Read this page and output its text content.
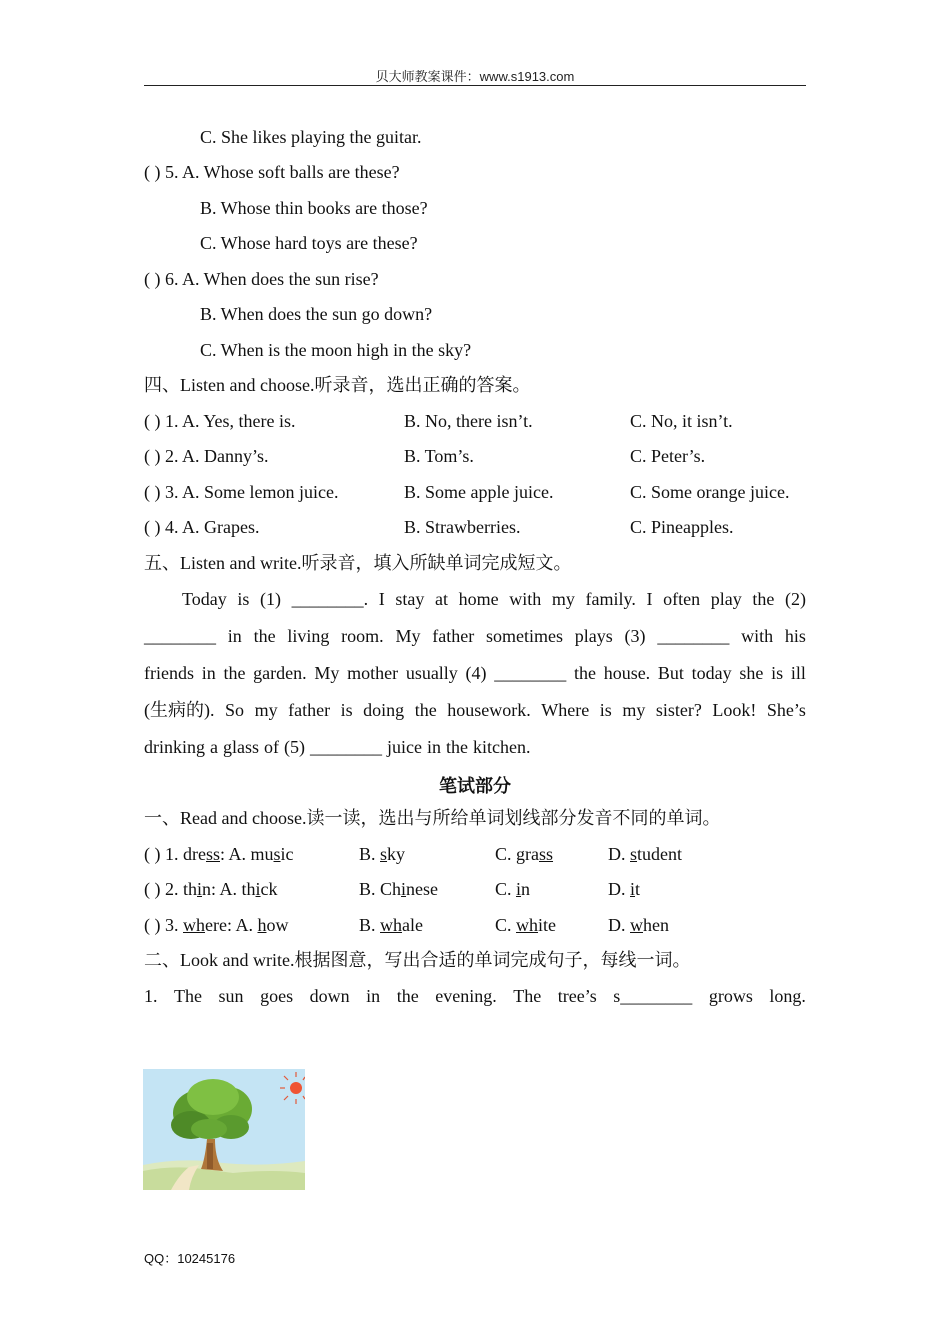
贝大师教案课件：www.s1913.com
C. She likes playing the guitar.
( ) 5. A. Whose soft balls are these?
B. Whose thin books are those?
C. Whose hard toys are these?
( ) 6. A. When does the sun rise?
B. When does the sun go down?
C. When is the moon high in the sky?
四、Listen and choose.听录音，选出正确的答案。
( ) 1. A. Yes, there is.	B. No, there isn’t.	C. No, it isn’t.
( ) 2. A. Danny’s.	B. Tom’s.	C. Peter’s.
( ) 3. A. Some lemon juice.	B. Some apple juice.	C. Some orange juice.
( ) 4. A. Grapes.	B. Strawberries.	C. Pineapples.
五、Listen and write.听录音，填入所缺单词完成短文。
Today is (1) ________. I stay at home with my family. I often play the (2)
________ in the living room. My father sometimes plays (3) ________ with his
friends in the garden. My mother usually (4) ________ the house. But today she is ill
(生病的). So my father is doing the housework. Where is my sister? Look! She’s
drinking a glass of (5) ________ juice in the kitchen.
笔试部分
一、Read and choose.读一读，选出与所给单词划线部分发音不同的单词。
( ) 1. dress: A. music	B. sky	C. grass	D. student
( ) 2. thin: A. thick	B. Chinese	C. in	D. it
( ) 3. where: A. how	B. whale	C. white	D. when
二、Look and write.根据图意，写出合适的单词完成句子，每线一词。
1. The sun goes down in the evening. The tree’s s________ grows long.
QQ：10245176
